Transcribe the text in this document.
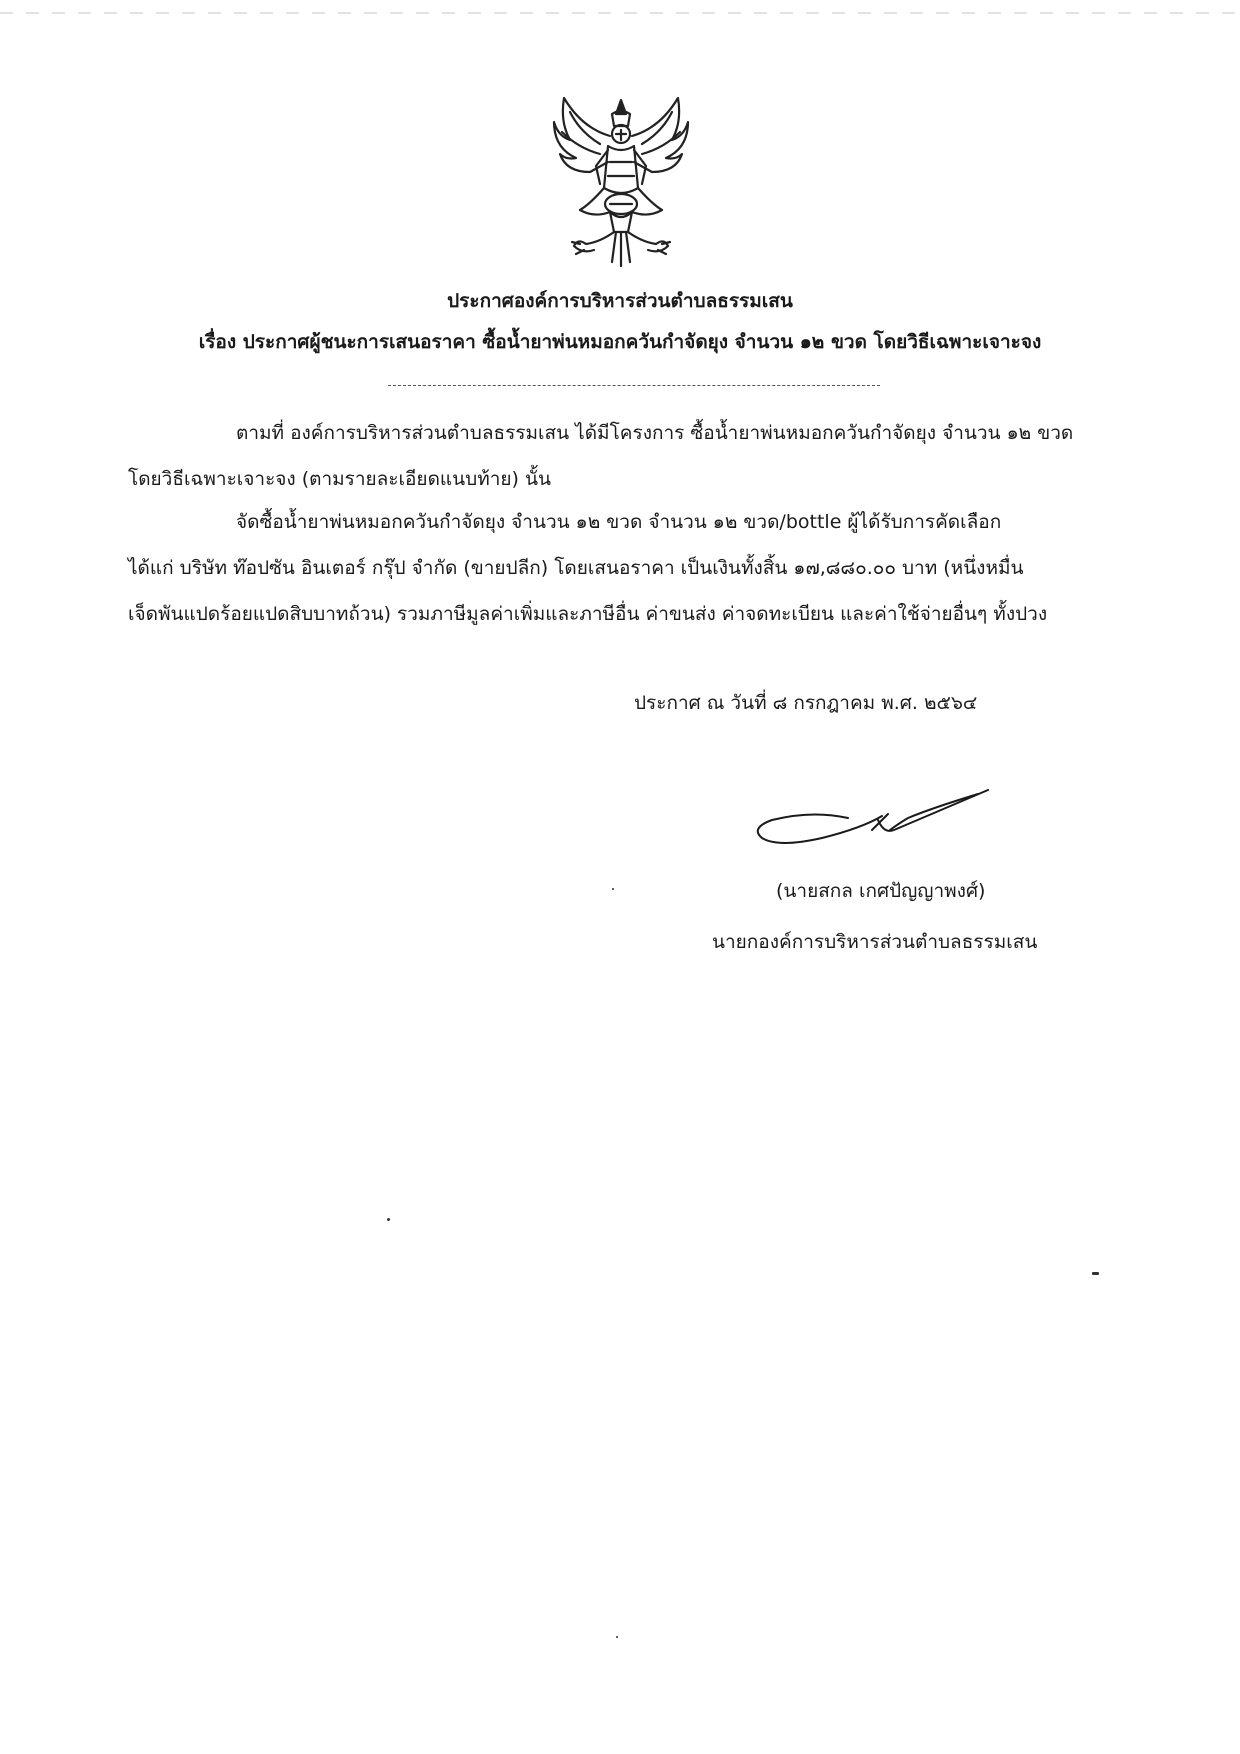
ประกาศองค์การบริหารส่วนตำบลธรรมเสน
เรื่อง ประกาศผู้ชนะการเสนอราคา ซื้อน้ำยาพ่นหมอกควันกำจัดยุง จำนวน ๑๒ ขวด โดยวิธีเฉพาะเจาะจง
ตามที่ องค์การบริหารส่วนตำบลธรรมเสน ได้มีโครงการ ซื้อน้ำยาพ่นหมอกควันกำจัดยุง จำนวน ๑๒ ขวด
โดยวิธีเฉพาะเจาะจง (ตามรายละเอียดแนบท้าย) นั้น
จัดซื้อน้ำยาพ่นหมอกควันกำจัดยุง จำนวน ๑๒ ขวด จำนวน ๑๒ ขวด/bottle ผู้ได้รับการคัดเลือก
ได้แก่ บริษัท ท๊อปซัน อินเตอร์ กรุ๊ป จำกัด (ขายปลีก) โดยเสนอราคา เป็นเงินทั้งสิ้น ๑๗,๘๘๐.๐๐ บาท (หนึ่งหมื่น
เจ็ดพันแปดร้อยแปดสิบบาทถ้วน) รวมภาษีมูลค่าเพิ่มและภาษีอื่น ค่าขนส่ง ค่าจดทะเบียน และค่าใช้จ่ายอื่นๆ ทั้งปวง
ประกาศ ณ วันที่ ๘ กรกฎาคม พ.ศ. ๒๕๖๔
(นายสกล เกศปัญญาพงศ์)
นายกองค์การบริหารส่วนตำบลธรรมเสน
